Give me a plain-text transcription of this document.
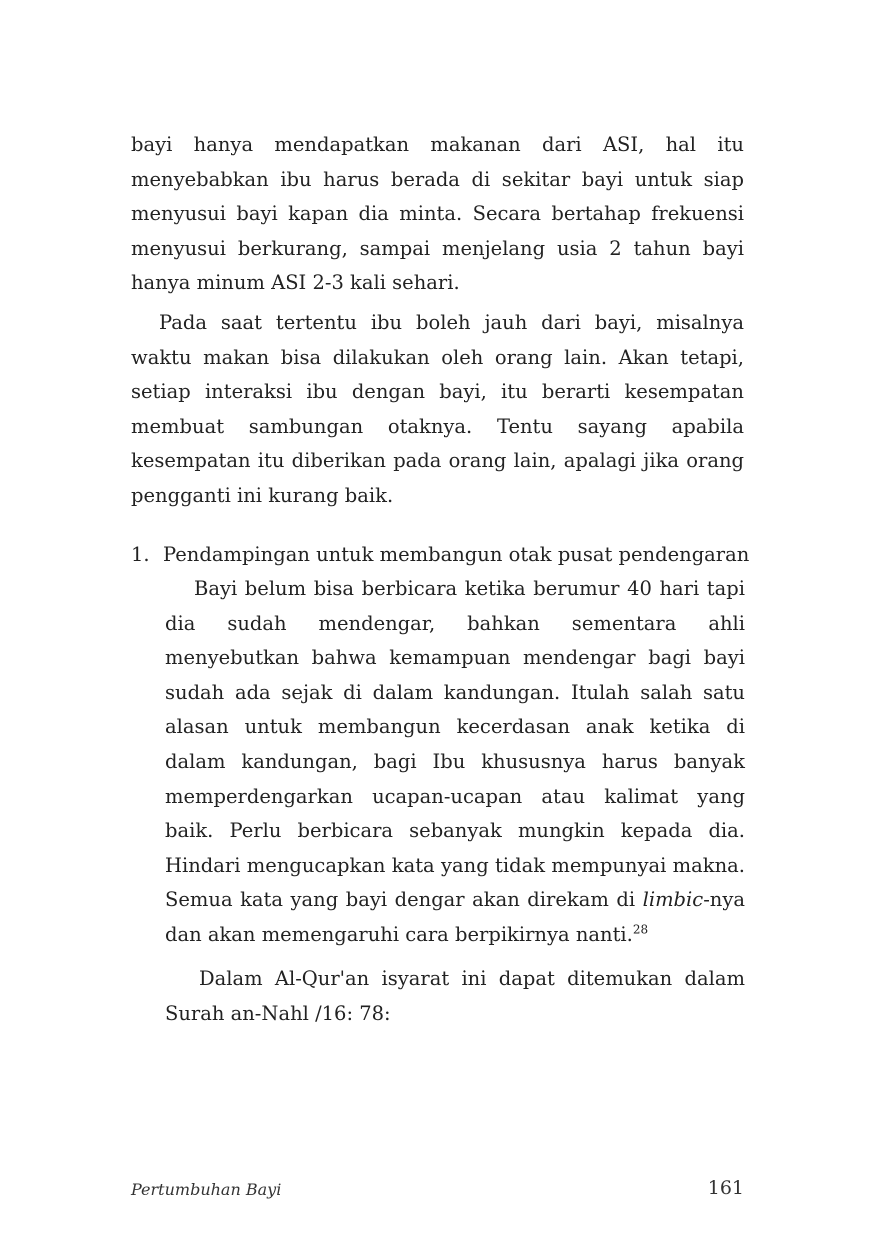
bayi hanya mendapatkan makanan dari ASI, hal itu menyebabkan ibu harus berada di sekitar bayi untuk siap menyusui bayi kapan dia minta. Secara bertahap frekuensi menyusui berkurang, sampai menjelang usia 2 tahun bayi hanya minum ASI 2-3 kali sehari.

Pada saat tertentu ibu boleh jauh dari bayi, misalnya waktu makan bisa dilakukan oleh orang lain. Akan tetapi, setiap interaksi ibu dengan bayi, itu berarti kesempatan membuat sambungan otaknya. Tentu sayang apabila kesempatan itu diberikan pada orang lain, apalagi jika orang pengganti ini kurang baik.

1. Pendampingan untuk membangun otak pusat pendengaran

Bayi belum bisa berbicara ketika berumur 40 hari tapi dia sudah mendengar, bahkan sementara ahli menyebutkan bahwa kemampuan mendengar bagi bayi sudah ada sejak di dalam kandungan. Itulah salah satu alasan untuk membangun kecerdasan anak ketika di dalam kandungan, bagi Ibu khususnya harus banyak memperdengarkan ucapan-ucapan atau kalimat yang baik. Perlu berbicara sebanyak mungkin kepada dia. Hindari mengucapkan kata yang tidak mempunyai makna. Semua kata yang bayi dengar akan direkam di limbic-nya dan akan memengaruhi cara berpikirnya nanti.$^{28}$

Dalam Al-Qur'an isyarat ini dapat ditemukan dalam Surah an-Nahl /16: 78:

Pertumbuhan Bayi	161
